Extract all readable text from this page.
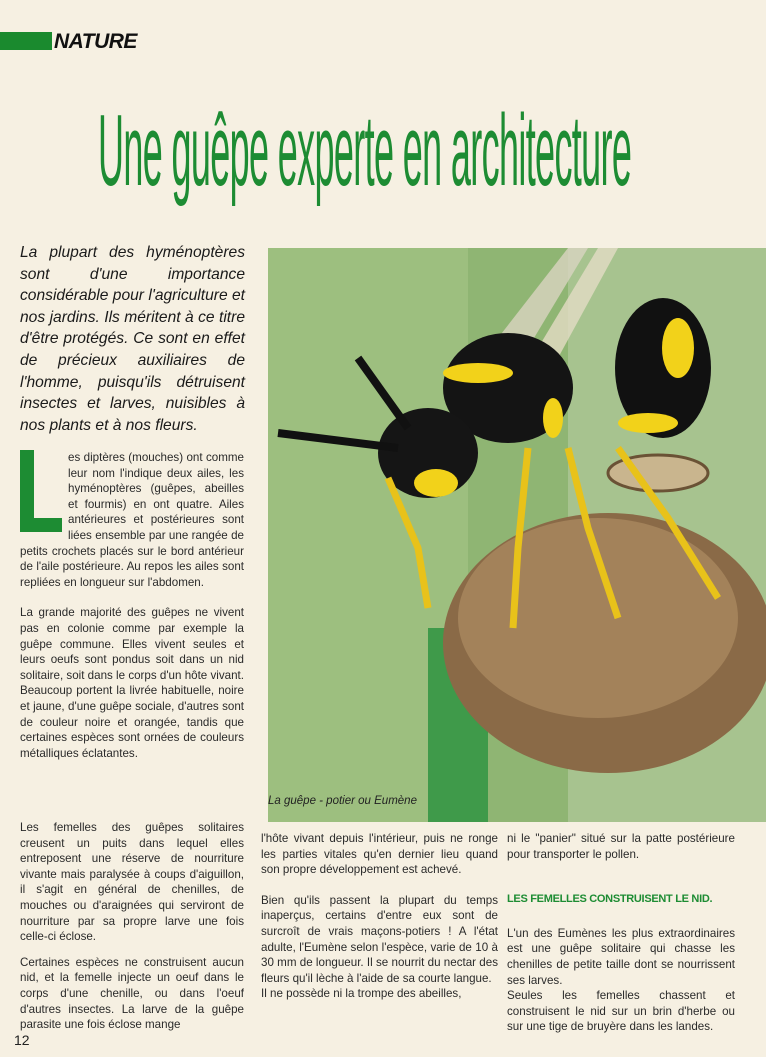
NATURE
Une guêpe experte en architecture

La plupart des hyménoptères sont d'une importance considérable pour l'agriculture et nos jardins. Ils méritent à ce titre d'être protégés. Ce sont en effet de précieux auxiliaires de l'homme, puisqu'ils détruisent insectes et larves, nuisibles à nos plants et à nos fleurs.

es diptères (mouches) ont comme leur nom l'indique deux ailes, les hyménoptères (guêpes, abeilles et fourmis) en ont quatre. Ailes antérieures et postérieures sont liées ensemble par une rangée de petits crochets placés sur le bord antérieur de l'aile postérieure. Au repos les ailes sont repliées en longueur sur l'abdomen.

La grande majorité des guêpes ne vivent pas en colonie comme par exemple la guêpe commune. Elles vivent seules et leurs oeufs sont pondus soit dans un nid solitaire, soit dans le corps d'un hôte vivant. Beaucoup portent la livrée habituelle, noire et jaune, d'une guêpe sociale, d'autres sont de couleur noire et orangée, tandis que certaines espèces sont ornées de couleurs métalliques éclatantes.

Les femelles des guêpes solitaires creusent un puits dans lequel elles entreposent une réserve de nourriture vivante mais paralysée à coups d'aiguillon, il s'agit en général de chenilles, de mouches ou d'araignées qui serviront de nourriture par sa propre larve une fois celle-ci éclose.

Certaines espèces ne construisent aucun nid, et la femelle injecte un oeuf dans le corps d'une chenille, ou dans l'oeuf d'autres insectes. La larve de la guêpe parasite une fois éclose mange

l'hôte vivant depuis l'intérieur, puis ne ronge les parties vitales qu'en dernier lieu quand son propre développement est achevé.

Bien qu'ils passent la plupart du temps inaperçus, certains d'entre eux sont de surcroît de vrais maçons-potiers ! A l'état adulte, l'Eumène selon l'espèce, varie de 10 à 30 mm de longueur. Il se nourrit du nectar des fleurs qu'il lèche à l'aide de sa courte langue.

Il ne possède ni la trompe des abeilles,

ni le "panier" situé sur la patte postérieure pour transporter le pollen.

LES FEMELLES CONSTRUISENT LE NID.

L'un des Eumènes les plus extraordinaires est une guêpe solitaire qui chasse les chenilles de petite taille dont se nourrissent ses larves.

Seules les femelles chassent et construisent le nid sur un brin d'herbe ou sur une tige de bruyère dans les landes.

La guêpe - potier ou Eumène
12
